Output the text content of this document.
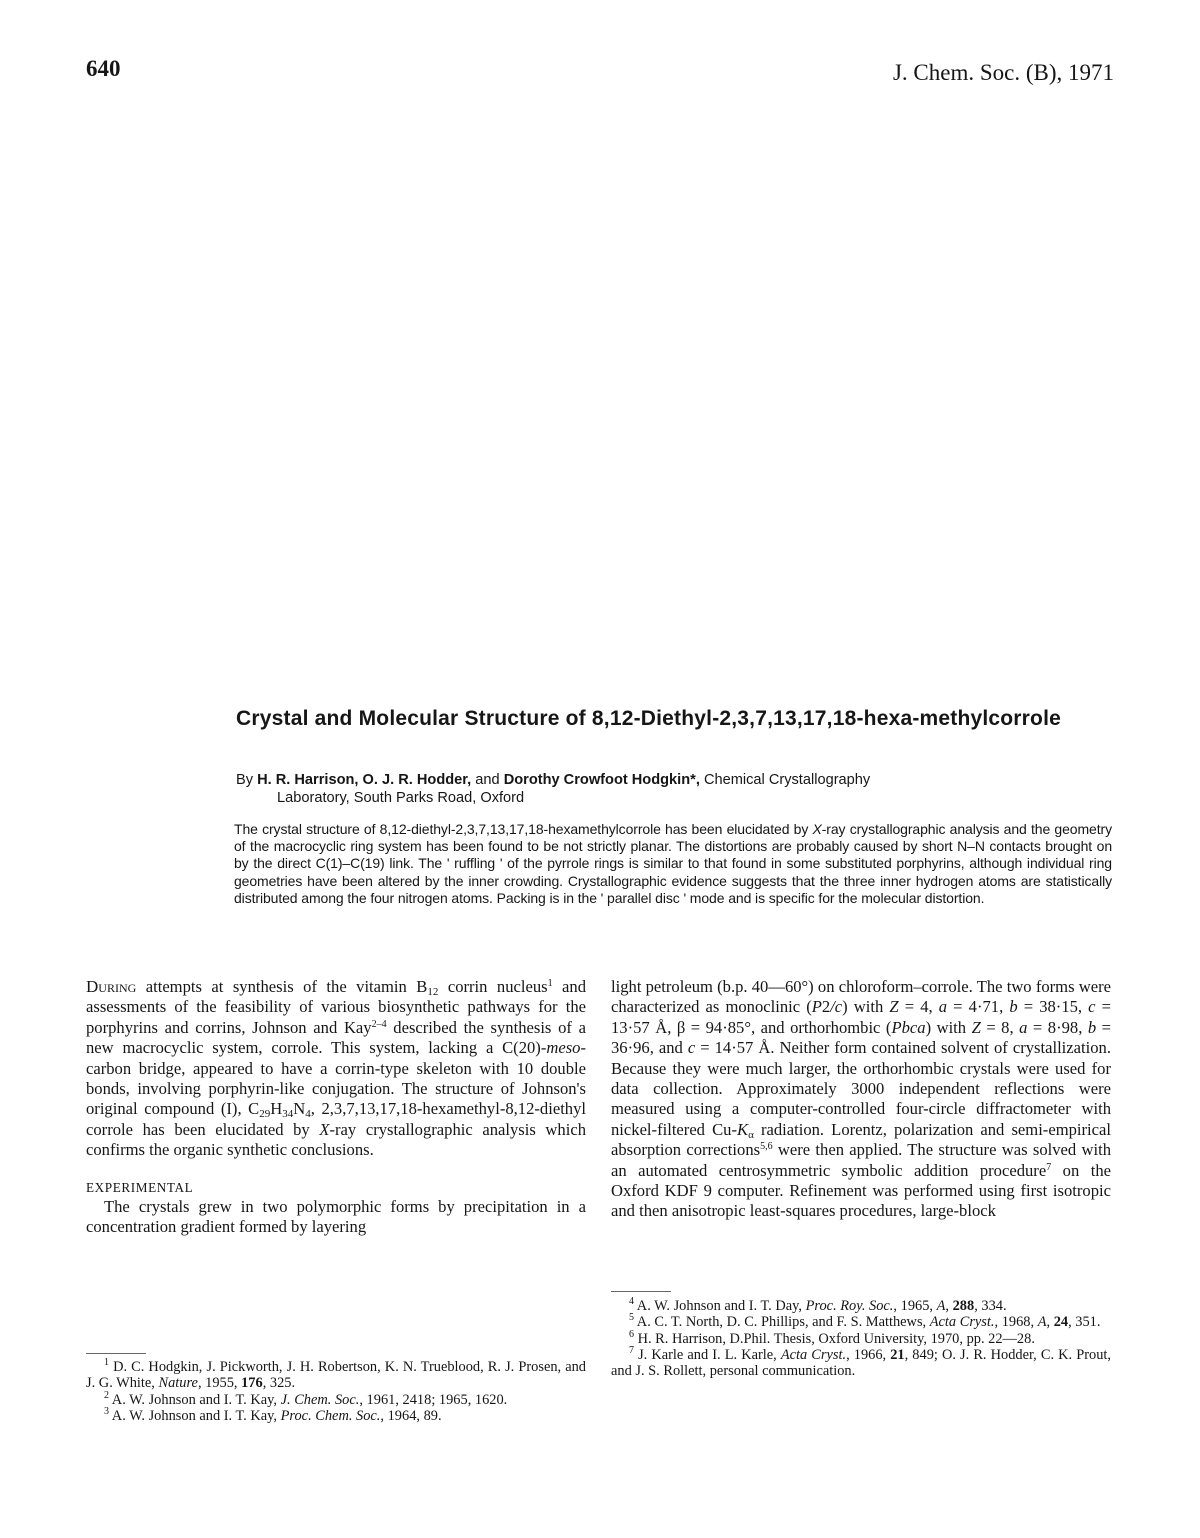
640	J. Chem. Soc. (B), 1971
Crystal and Molecular Structure of 8,12-Diethyl-2,3,7,13,17,18-hexa-methylcorrole
By H. R. Harrison, O. J. R. Hodder, and Dorothy Crowfoot Hodgkin*, Chemical Crystallography
Laboratory, South Parks Road, Oxford
The crystal structure of 8,12-diethyl-2,3,7,13,17,18-hexamethylcorrole has been elucidated by X-ray crystallographic analysis and the geometry of the macrocyclic ring system has been found to be not strictly planar. The distortions are probably caused by short N–N contacts brought on by the direct C(1)–C(19) link. The ' ruffling ' of the pyrrole rings is similar to that found in some substituted porphyrins, although individual ring geometries have been altered by the inner crowding. Crystallographic evidence suggests that the three inner hydrogen atoms are statistically distributed among the four nitrogen atoms. Packing is in the ' parallel disc ' mode and is specific for the molecular distortion.

During attempts at synthesis of the vitamin $B_{12}$ corrin nucleus$^1$ and assessments of the feasibility of various biosynthetic pathways for the porphyrins and corrins, Johnson and Kay$^{2-4}$ described the synthesis of a new macrocyclic system, corrole. This system, lacking a C(20)-meso-carbon bridge, appeared to have a corrin-type skeleton with 10 double bonds, involving porphyrin-like conjugation. The structure of Johnson's original compound (I), $C_{29}H_{34}N_4$, 2,3,7,13,17,18-hexamethyl-8,12-diethyl corrole has been elucidated by X-ray crystallographic analysis which confirms the organic synthetic conclusions.

EXPERIMENTAL

The crystals grew in two polymorphic forms by precipitation in a concentration gradient formed by layering

light petroleum (b.p. 40—60°) on chloroform–corrole. The two forms were characterized as monoclinic (P2/c) with Z = 4, a = 4·71, b = 38·15, c = 13·57 Å, β = 94·85°, and orthorhombic (Pbca) with Z = 8, a = 8·98, b = 36·96, and c = 14·57 Å. Neither form contained solvent of crystallization. Because they were much larger, the orthorhombic crystals were used for data collection. Approximately 3000 independent reflections were measured using a computer-controlled four-circle diffractometer with nickel-filtered $Cu-K_\alpha$ radiation. Lorentz, polarization and semi-empirical absorption corrections$^{5,6}$ were then applied. The structure was solved with an automated centrosymmetric symbolic addition procedure$^7$ on the Oxford KDF 9 computer. Refinement was performed using first isotropic and then anisotropic least-squares procedures, large-block

$^4$ A. W. Johnson and I. T. Day, Proc. Roy. Soc., 1965, A, 288, 334.

$^5$ A. C. T. North, D. C. Phillips, and F. S. Matthews, Acta Cryst., 1968, A, 24, 351.

$^6$ H. R. Harrison, D.Phil. Thesis, Oxford University, 1970, pp. 22—28.

$^7$ J. Karle and I. L. Karle, Acta Cryst., 1966, 21, 849; O. J. R. Hodder, C. K. Prout, and J. S. Rollett, personal communication.

$^1$ D. C. Hodgkin, J. Pickworth, J. H. Robertson, K. N. Trueblood, R. J. Prosen, and J. G. White, Nature, 1955, 176, 325.

$^2$ A. W. Johnson and I. T. Kay, J. Chem. Soc., 1961, 2418; 1965, 1620.

$^3$ A. W. Johnson and I. T. Kay, Proc. Chem. Soc., 1964, 89.
